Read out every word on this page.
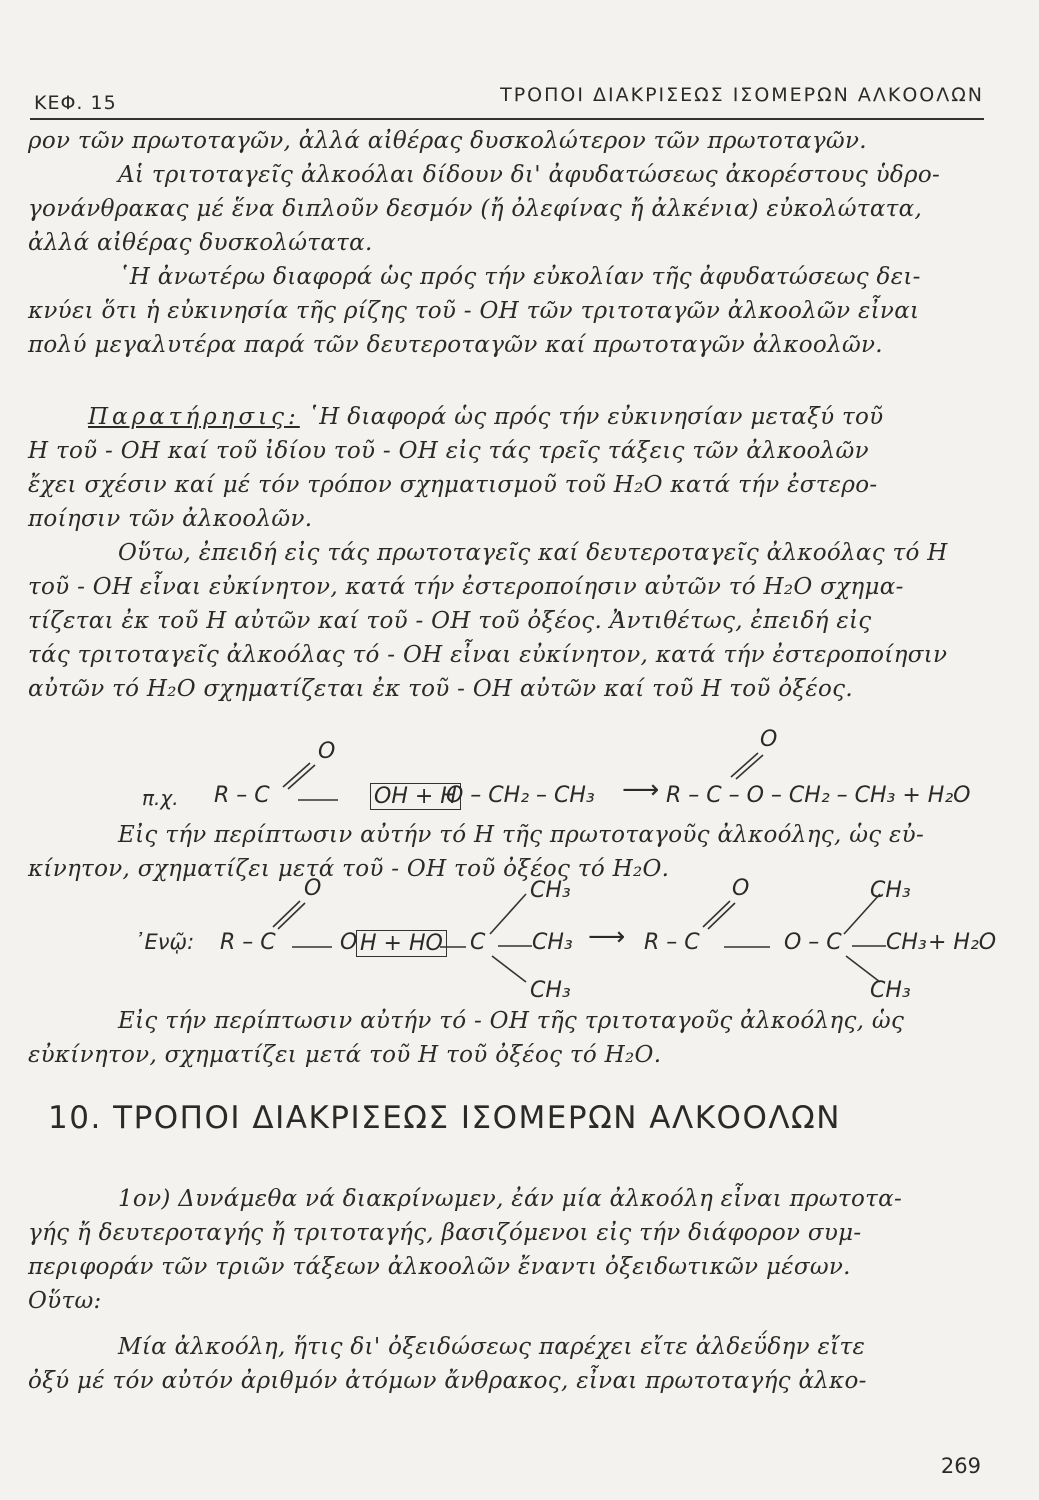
ΚΕΦ. 15	ΤΡΟΠΟΙ ΔΙΑΚΡΙΣΕΩΣ ΙΣΟΜΕΡΩΝ ΑΛΚΟΟΛΩΝ
ρον τῶν πρωτοταγῶν, ἀλλά αἰθέρας δυσκολώτερον τῶν πρωτοταγῶν.
Αἱ τριτοταγεῖς ἀλκοόλαι δίδουν δι' ἀφυδατώσεως ἀκορέστους ὑδρο-
γονάνθρακας μέ ἕνα διπλοῦν δεσμόν (ἤ ὀλεφίνας ἤ ἀλκένια) εὐκολώτατα,
ἀλλά αἰθέρας δυσκολώτατα.
῾Η ἀνωτέρω διαφορά ὡς πρός τήν εὐκολίαν τῆς ἀφυδατώσεως δει-
κνύει ὅτι ἡ εὐκινησία τῆς ρίζης τοῦ - ΟΗ τῶν τριτοταγῶν ἀλκοολῶν εἶναι
πολύ μεγαλυτέρα παρά τῶν δευτεροταγῶν καί πρωτοταγῶν ἀλκοολῶν.
Παρατήρησις: ῾Η διαφορά ὡς πρός τήν εὐκινησίαν μεταξύ τοῦ
Η τοῦ - ΟΗ καί τοῦ ἰδίου τοῦ - ΟΗ εἰς τάς τρεῖς τάξεις τῶν ἀλκοολῶν
ἔχει σχέσιν καί μέ τόν τρόπον σχηματισμοῦ τοῦ Η₂Ο κατά τήν ἐστερο-
ποίησιν τῶν ἀλκοολῶν.
Οὕτω, ἐπειδή εἰς τάς πρωτοταγεῖς καί δευτεροταγεῖς ἀλκοόλας τό Η
τοῦ - ΟΗ εἶναι εὐκίνητον, κατά τήν ἐστεροποίησιν αὐτῶν τό Η₂Ο σχημα-
τίζεται ἐκ τοῦ Η αὐτῶν καί τοῦ - ΟΗ τοῦ ὀξέος. Ἀντιθέτως, ἐπειδή εἰς
τάς τριτοταγεῖς ἀλκοόλας τό - ΟΗ εἶναι εὐκίνητον, κατά τήν ἐστεροποίησιν
αὐτῶν τό Η₂Ο σχηματίζεται ἐκ τοῦ - ΟΗ αὐτῶν καί τοῦ Η τοῦ ὀξέος.
π.χ. R – C
O
OH + H
O – CH₂ – CH₃ ⟶
O
R – C – O – CH₂ – CH₃ + H₂O
Εἰς τήν περίπτωσιν αὐτήν τό Η τῆς πρωτοταγοῦς ἀλκοόλης, ὡς εὐ-
κίνητον, σχηματίζει μετά τοῦ - ΟΗ τοῦ ὀξέος τό Η₂Ο.
᾿Ενῷ: R – C
O
O H + HO C
CH₃
CH₃
CH₃
⟶ R – C
O
O – C
CH₃
CH₃
CH₃
+ H₂O
Εἰς τήν περίπτωσιν αὐτήν τό - ΟΗ τῆς τριτοταγοῦς ἀλκοόλης, ὡς
εὐκίνητον, σχηματίζει μετά τοῦ Η τοῦ ὀξέος τό Η₂Ο.
10. ΤΡΟΠΟΙ ΔΙΑΚΡΙΣΕΩΣ ΙΣΟΜΕΡΩΝ ΑΛΚΟΟΛΩΝ
1ον) Δυνάμεθα νά διακρίνωμεν, ἐάν μία ἀλκοόλη εἶναι πρωτοτα-
γής ἤ δευτεροταγής ἤ τριτοταγής, βασιζόμενοι εἰς τήν διάφορον συμ-
περιφοράν τῶν τριῶν τάξεων ἀλκοολῶν ἔναντι ὀξειδωτικῶν μέσων.
Οὕτω:
Μία ἀλκοόλη, ἥτις δι' ὀξειδώσεως παρέχει εἴτε ἀλδεΰδην εἴτε
ὀξύ μέ τόν αὐτόν ἀριθμόν ἀτόμων ἄνθρακος, εἶναι πρωτοταγής ἀλκο-
269
